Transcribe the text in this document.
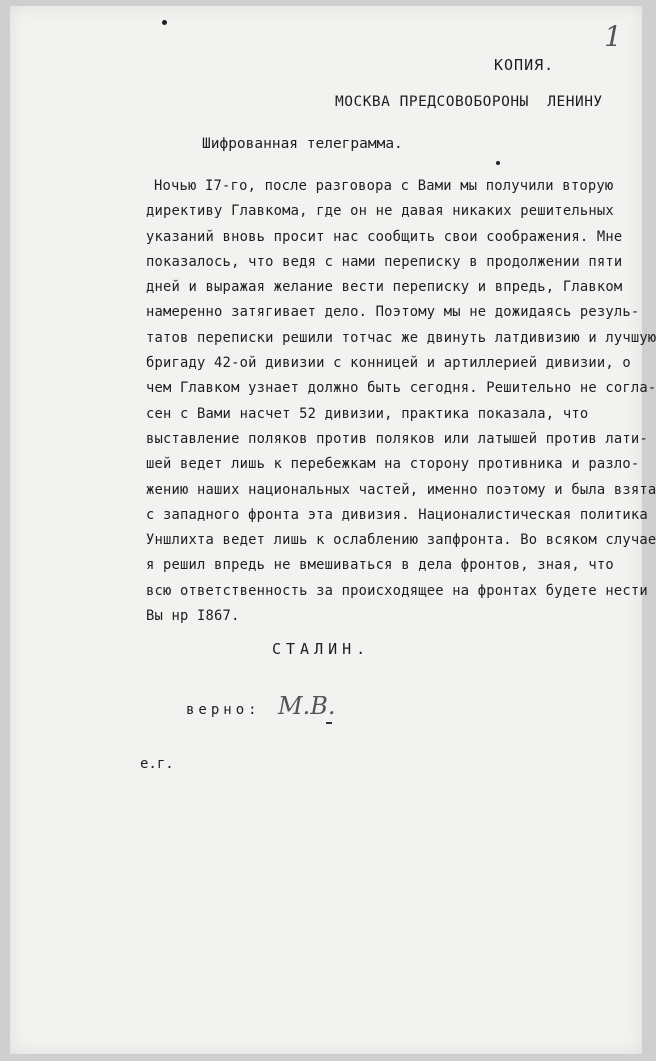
1
КОПИЯ.
МОСКВА ПРЕДСОВОБОРОНЫ  ЛЕНИНУ
Шифрованная телеграмма.
Ночью I7-го, после разговора с Вами мы получили вторую
директиву Главкома, где он не давая никаких решительных
указаний вновь просит нас сообщить свои соображения. Мне
показалось, что ведя с нами переписку в продолжении пяти
дней и выражая желание вести переписку и впредь, Главком
намеренно затягивает дело. Поэтому мы не дожидаясь резуль-
татов переписки решили тотчас же двинуть латдивизию и лучшую
бригаду 42-ой дивизии с конницей и артиллерией дивизии, о
чем Главком узнает должно быть сегодня. Решительно не согла-
сен с Вами насчет 52 дивизии, практика показала, что
выставление поляков против поляков или латышей против лати-
шей ведет лишь к перебежкам на сторону противника и разло-
жению наших национальных частей, именно поэтому и была взята
с западного фронта эта дивизия. Националистическая политика
Уншлихта ведет лишь к ослаблению запфронта. Во всяком случае
я решил впредь не вмешиваться в дела фронтов, зная, что
всю ответственность за происходящее на фронтах будете нести
Вы нр I867.
СТАЛИН.
верно: М.В.
е.г.
